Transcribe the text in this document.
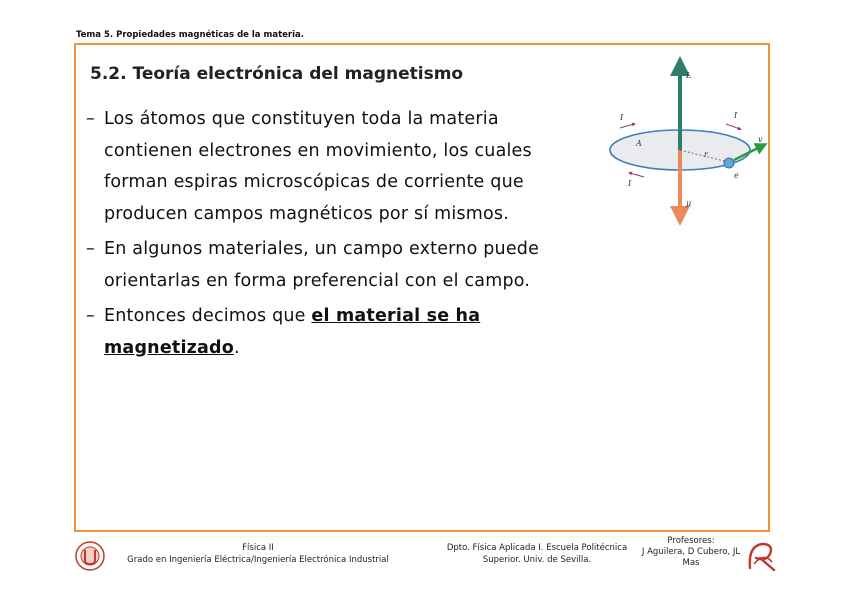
Tema 5. Propiedades magnéticas de la materia.
5.2. Teoría electrónica del magnetismo
– Los átomos que constituyen toda la materia contienen electrones en movimiento, los cuales forman espiras microscópicas de corriente que producen campos magnéticos por sí mismos.
– En algunos materiales, un campo externo puede orientarlas en forma preferencial con el campo.
– Entonces decimos que el material se ha magnetizado.
L
A
r
e
v
μ
I	I
I
Física II
Grado en Ingeniería Eléctrica/Ingeniería Electrónica Industrial
Dpto. Física Aplicada I. Escuela Politécnica
Superior. Univ. de Sevilla.
Profesores:
J Aguilera, D Cubero, JL
Mas
